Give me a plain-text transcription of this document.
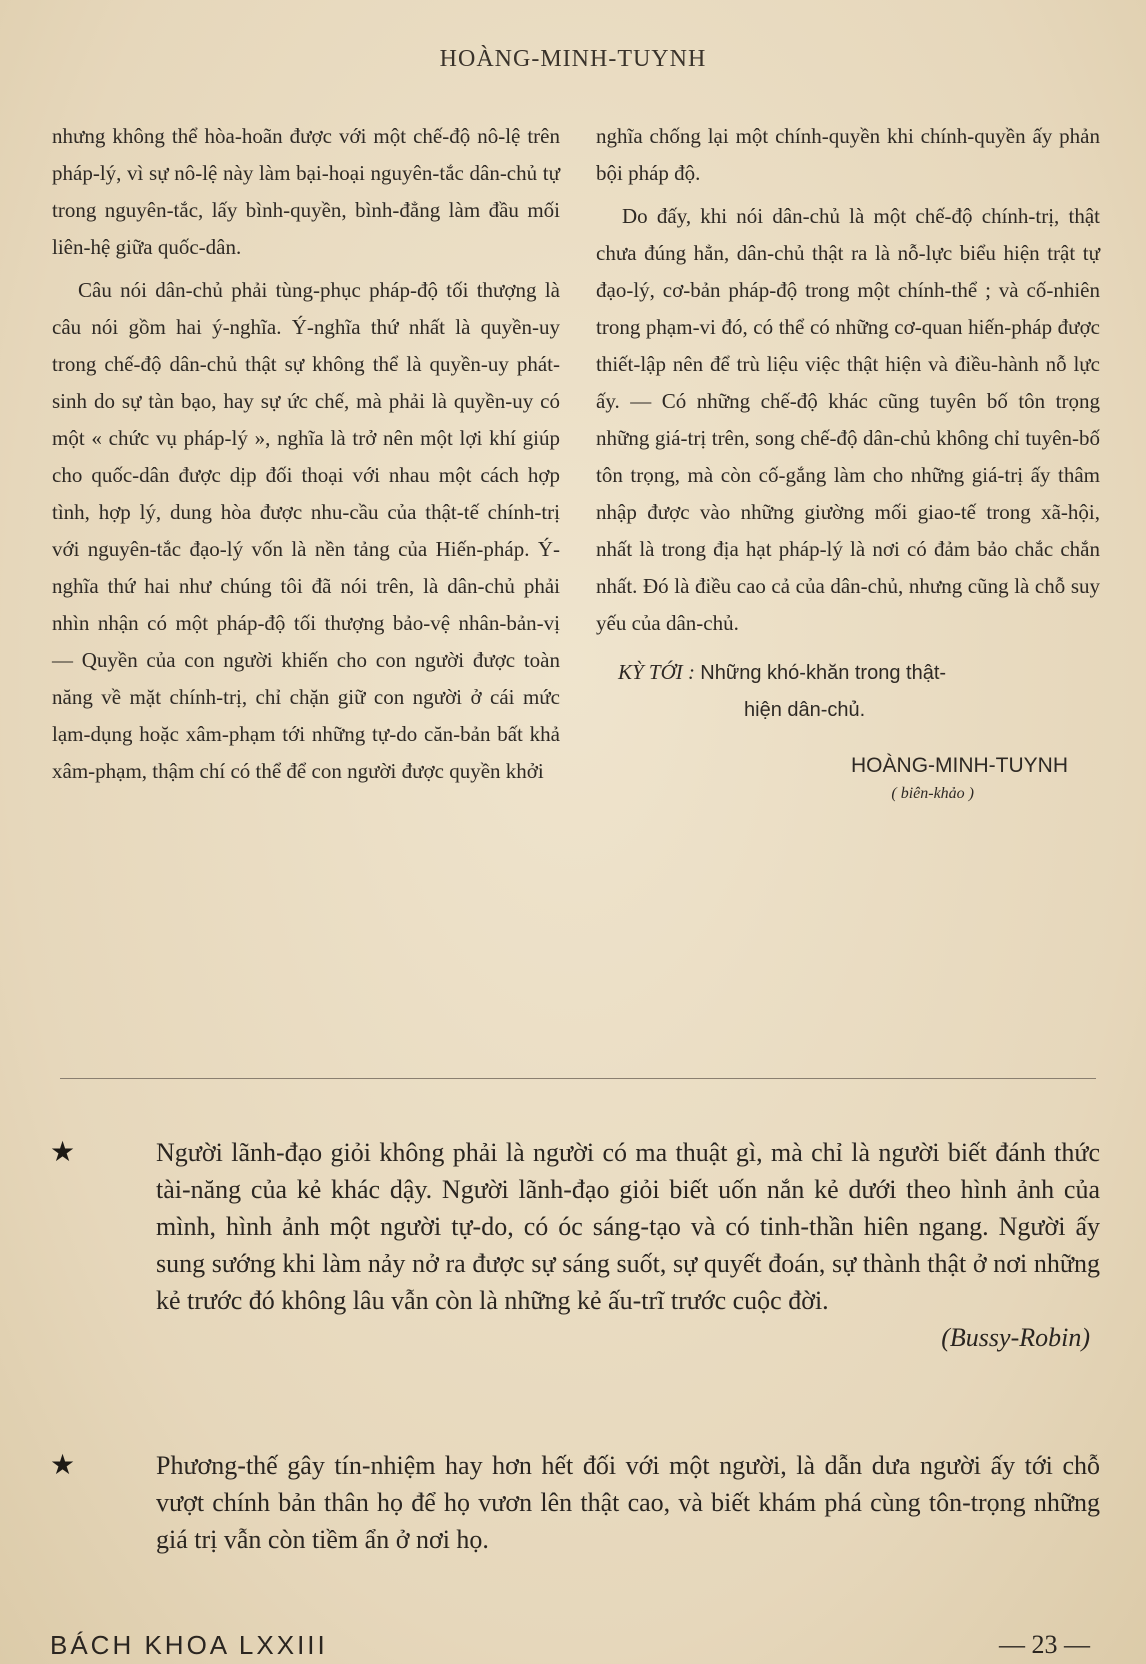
HOÀNG-MINH-TUYNH

nhưng không thể hòa-hoãn được với một chế-độ nô-lệ trên pháp-lý, vì sự nô-lệ này làm bại-hoại nguyên-tắc dân-chủ tự trong nguyên-tắc, lấy bình-quyền, bình-đẳng làm đầu mối liên-hệ giữa quốc-dân.

Câu nói dân-chủ phải tùng-phục pháp-độ tối thượng là câu nói gồm hai ý-nghĩa. Ý-nghĩa thứ nhất là quyền-uy trong chế-độ dân-chủ thật sự không thể là quyền-uy phát-sinh do sự tàn bạo, hay sự ức chế, mà phải là quyền-uy có một « chức vụ pháp-lý », nghĩa là trở nên một lợi khí giúp cho quốc-dân được dịp đối thoại với nhau một cách hợp tình, hợp lý, dung hòa được nhu-cầu của thật-tế chính-trị với nguyên-tắc đạo-lý vốn là nền tảng của Hiến-pháp. Ý-nghĩa thứ hai như chúng tôi đã nói trên, là dân-chủ phải nhìn nhận có một pháp-độ tối thượng bảo-vệ nhân-bản-vị — Quyền của con người khiến cho con người được toàn năng về mặt chính-trị, chỉ chặn giữ con người ở cái mức lạm-dụng hoặc xâm-phạm tới những tự-do căn-bản bất khả xâm-phạm, thậm chí có thể để con người được quyền khởi

nghĩa chống lại một chính-quyền khi chính-quyền ấy phản bội pháp độ.

Do đấy, khi nói dân-chủ là một chế-độ chính-trị, thật chưa đúng hẳn, dân-chủ thật ra là nỗ-lực biểu hiện trật tự đạo-lý, cơ-bản pháp-độ trong một chính-thể ; và cố-nhiên trong phạm-vi đó, có thể có những cơ-quan hiến-pháp được thiết-lập nên để trù liệu việc thật hiện và điều-hành nỗ lực ấy. — Có những chế-độ khác cũng tuyên bố tôn trọng những giá-trị trên, song chế-độ dân-chủ không chỉ tuyên-bố tôn trọng, mà còn cố-gắng làm cho những giá-trị ấy thâm nhập được vào những giường mối giao-tế trong xã-hội, nhất là trong địa hạt pháp-lý là nơi có đảm bảo chắc chắn nhất. Đó là điều cao cả của dân-chủ, nhưng cũng là chỗ suy yếu của dân-chủ.

KỲ TỚI : Những khó-khăn trong thật-
hiện dân-chủ.
HOÀNG-MINH-TUYNH
( biên-khảo )
★	Người lãnh-đạo giỏi không phải là người có ma thuật gì, mà chỉ là người biết đánh thức tài-năng của kẻ khác dậy. Người lãnh-đạo giỏi biết uốn nắn kẻ dưới theo hình ảnh của mình, hình ảnh một người tự-do, có óc sáng-tạo và có tinh-thần hiên ngang. Người ấy sung sướng khi làm nảy nở ra được sự sáng suốt, sự quyết đoán, sự thành thật ở nơi những kẻ trước đó không lâu vẫn còn là những kẻ ấu-trĩ trước cuộc đời.
(Bussy-Robin)
★	Phương-thế gây tín-nhiệm hay hơn hết đối với một người, là dẫn dưa người ấy tới chỗ vượt chính bản thân họ để họ vươn lên thật cao, và biết khám phá cùng tôn-trọng những giá trị vẫn còn tiềm ẩn ở nơi họ.
BÁCH KHOA LXXIII	— 23 —
